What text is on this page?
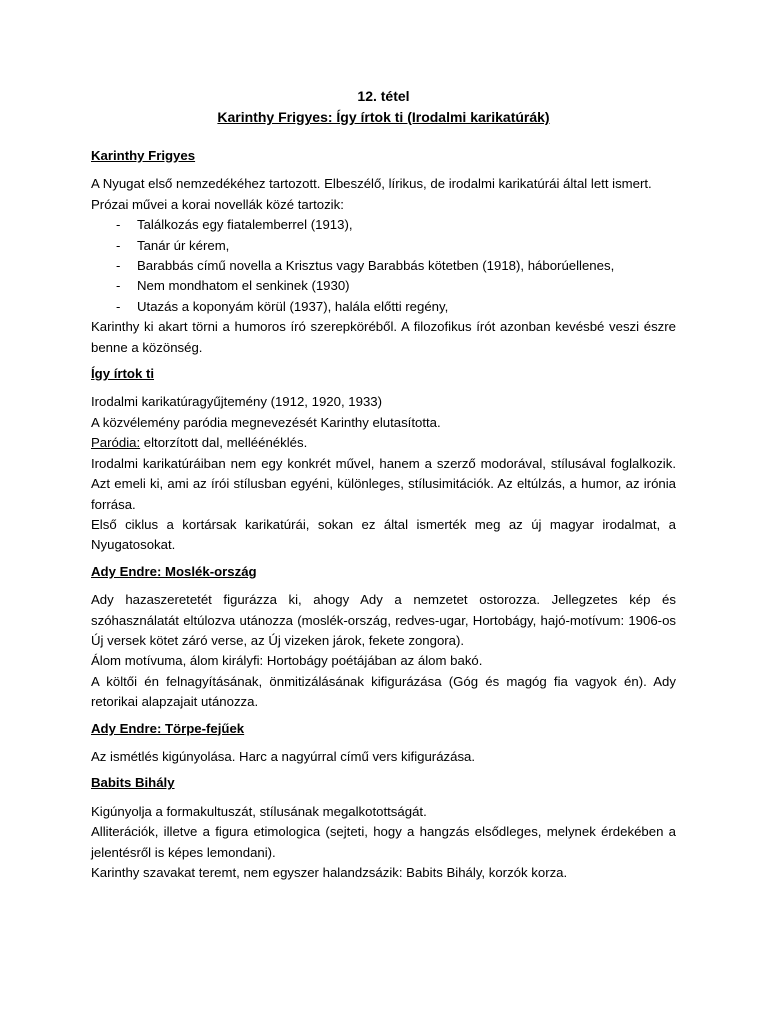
12. tétel

Karinthy Frigyes: Így írtok ti (Irodalmi karikatúrák)

Karinthy Frigyes

A Nyugat első nemzedékéhez tartozott. Elbeszélő, lírikus, de irodalmi karikatúrái által lett ismert.

Prózai művei a korai novellák közé tartozik:

- Találkozás egy fiatalemberrel (1913),
- Tanár úr kérem,
- Barabbás című novella a Krisztus vagy Barabbás kötetben (1918), háborúellenes,
- Nem mondhatom el senkinek (1930)
- Utazás a koponyám körül (1937), halála előtti regény,

Karinthy ki akart törni a humoros író szerepköréből. A filozofikus írót azonban kevésbé veszi észre benne a közönség.

Így írtok ti

Irodalmi karikatúragyűjtemény (1912, 1920, 1933)

A közvélemény paródia megnevezését Karinthy elutasította.

Paródia: eltorzított dal, melléénéklés.

Irodalmi karikatúráiban nem egy konkrét művel, hanem a szerző modorával, stílusával foglalkozik. Azt emeli ki, ami az írói stílusban egyéni, különleges, stílusimitációk. Az eltúlzás, a humor, az irónia forrása.

Első ciklus a kortársak karikatúrái, sokan ez által ismerték meg az új magyar irodalmat, a Nyugatosokat.

Ady Endre: Moslék-ország

Ady hazaszeretetét figurázza ki, ahogy Ady a nemzetet ostorozza. Jellegzetes kép és szóhasználatát eltúlozva utánozza (moslék-ország, redves-ugar, Hortobágy, hajó-motívum: 1906-os Új versek kötet záró verse, az Új vizeken járok, fekete zongora).

Álom motívuma, álom királyfi: Hortobágy poétájában az álom bakó.

A költői én felnagyításának, önmitizálásának kifigurázása (Góg és magóg fia vagyok én). Ady retorikai alapzajait utánozza.

Ady Endre: Törpe-fejűek

Az ismétlés kigúnyolása. Harc a nagyúrral című vers kifigurázása.

Babits Bihály

Kigúnyolja a formakultuszát, stílusának megalkotottságát.

Alliterációk, illetve a figura etimologica (sejteti, hogy a hangzás elsődleges, melynek érdekében a jelentésről is képes lemondani).

Karinthy szavakat teremt, nem egyszer halandzsázik: Babits Bihály, korzók korza.
